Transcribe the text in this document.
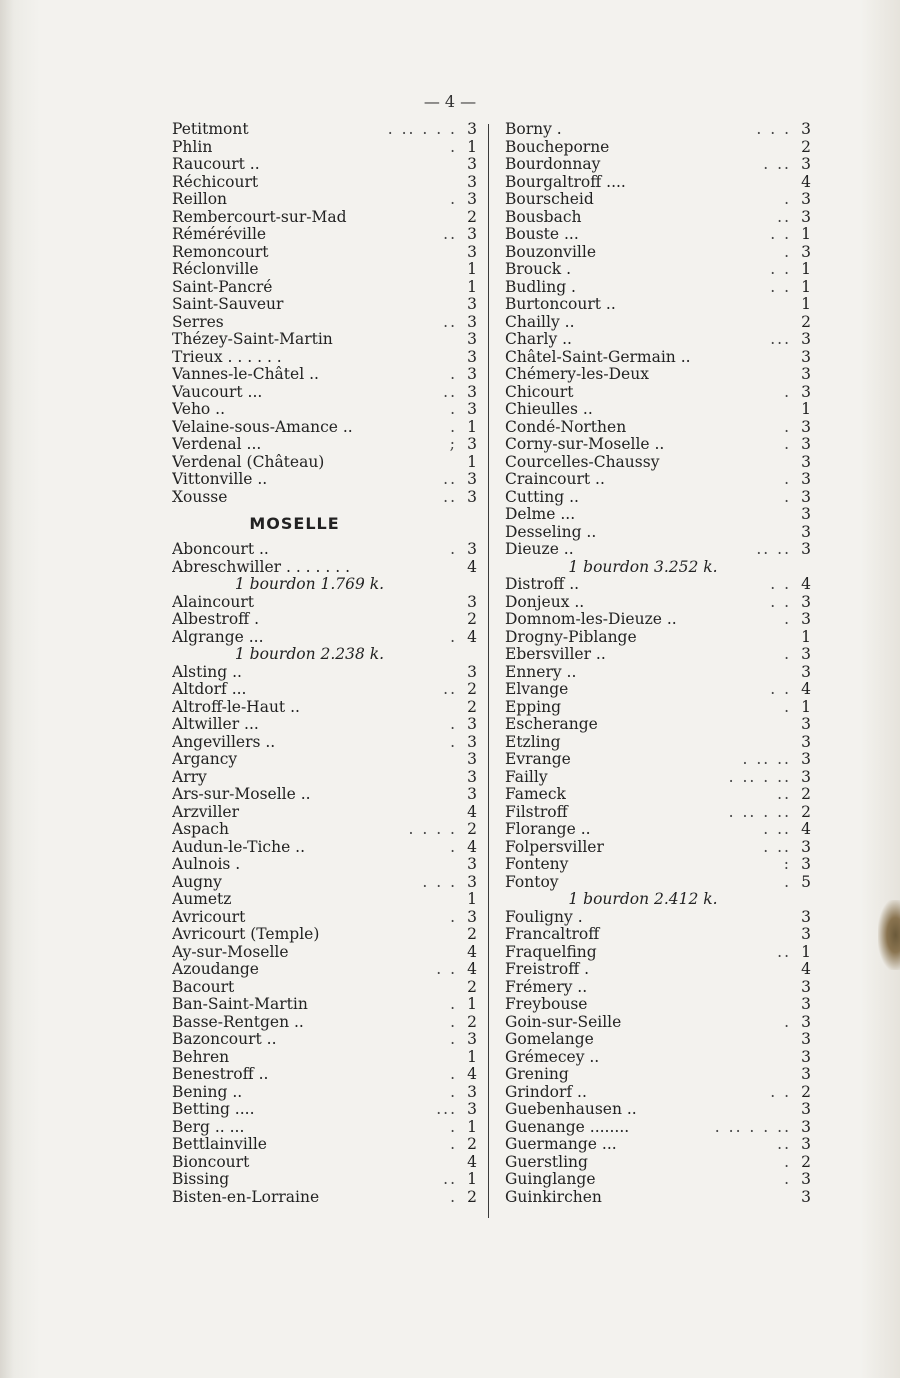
— 4 —
Petitmont	. .. . . . 3
Phlin	. 1
Raucourt ..	3
Réchicourt	3
Reillon	. 3
Rembercourt-sur-Mad	2
Réméréville	.. 3
Remoncourt	3
Réclonville	1
Saint-Pancré	1
Saint-Sauveur	3
Serres	.. 3
Thézey-Saint-Martin	3
Trieux . . . . . .	3
Vannes-le-Châtel ..	. 3
Vaucourt ...	.. 3
Veho ..	. 3
Velaine-sous-Amance ..	. 1
Verdenal ...	; 3
Verdenal (Château)	1
Vittonville ..	.. 3
Xousse	.. 3
MOSELLE
Aboncourt ..	. 3
Abreschwiller . . . . . . .	4
1 bourdon 1.769 k.
Alaincourt	3
Albestroff .	2
Algrange ...	. 4
1 bourdon 2.238 k.
Alsting ..	3
Altdorf ...	.. 2
Altroff-le-Haut ..	2
Altwiller ...	. 3
Angevillers ..	. 3
Argancy	3
Arry	3
Ars-sur-Moselle ..	3
Arzviller	4
Aspach	. . . . 2
Audun-le-Tiche ..	. 4
Aulnois .	3
Augny	. . . 3
Aumetz	1
Avricourt	. 3
Avricourt (Temple)	2
Ay-sur-Moselle	4
Azoudange	. . 4
Bacourt	2
Ban-Saint-Martin	. 1
Basse-Rentgen ..	. 2
Bazoncourt ..	. 3
Behren	1
Benestroff ..	. 4
Bening ..	. 3
Betting ....	... 3
Berg .. ...	. 1
Bettlainville	. 2
Bioncourt	4
Bissing	.. 1
Bisten-en-Lorraine	. 2
Borny .	. . . 3
Boucheporne	2
Bourdonnay	. .. 3
Bourgaltroff ....	4
Bourscheid	. 3
Bousbach	.. 3
Bouste ...	. . 1
Bouzonville	. 3
Brouck .	. . 1
Budling .	. . 1
Burtoncourt ..	1
Chailly ..	2
Charly ..	... 3
Châtel-Saint-Germain ..	3
Chémery-les-Deux	3
Chicourt	. 3
Chieulles ..	1
Condé-Northen	. 3
Corny-sur-Moselle ..	. 3
Courcelles-Chaussy	3
Craincourt ..	. 3
Cutting ..	. 3
Delme ...	3
Desseling ..	3
Dieuze ..	.. .. 3
1 bourdon 3.252 k.
Distroff ..	. . 4
Donjeux ..	. . 3
Domnom-les-Dieuze ..	. 3
Drogny-Piblange	1
Ebersviller ..	. 3
Ennery ..	3
Elvange	. . 4
Epping	. 1
Escherange	3
Etzling	3
Evrange	. .. .. 3
Failly	. .. . .. 3
Fameck	.. 2
Filstroff	. .. . .. 2
Florange ..	. .. 4
Folpersviller	. .. 3
Fonteny	: 3
Fontoy	. 5
1 bourdon 2.412 k.
Fouligny .	3
Francaltroff	3
Fraquelfing	.. 1
Freistroff .	4
Frémery ..	3
Freybouse	3
Goin-sur-Seille	. 3
Gomelange	3
Grémecey ..	3
Grening	3
Grindorf ..	. . 2
Guebenhausen ..	3
Guenange ........	. .. . . .. 3
Guermange ...	.. 3
Guerstling	. 2
Guinglange	. 3
Guinkirchen	3
